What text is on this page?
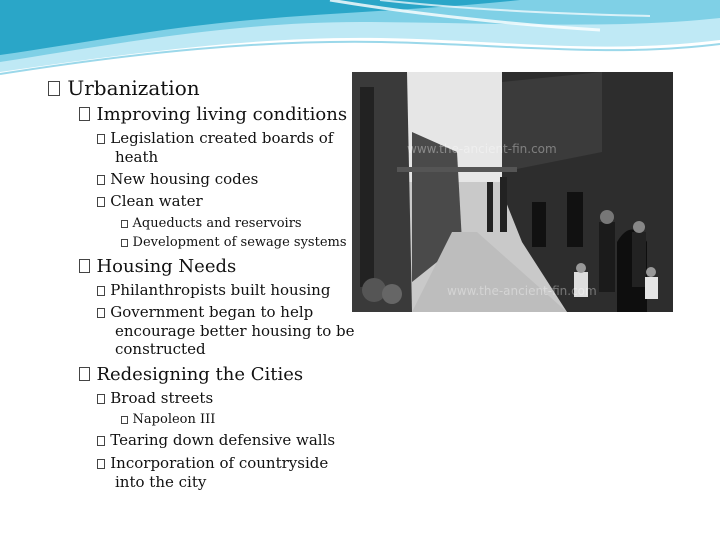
www.the-ancient-fin.com
www.the-ancient-fin.com
Urbanization
Improving living conditions
Legislation created boards of
heath
New housing codes
Clean water
Aqueducts and reservoirs
Development of sewage systems
Housing Needs
Philanthropists built housing
Government began to help
encourage better housing to be
constructed
Redesigning the Cities
Broad streets
Napoleon III
Tearing down defensive walls
Incorporation of countryside
into the city
